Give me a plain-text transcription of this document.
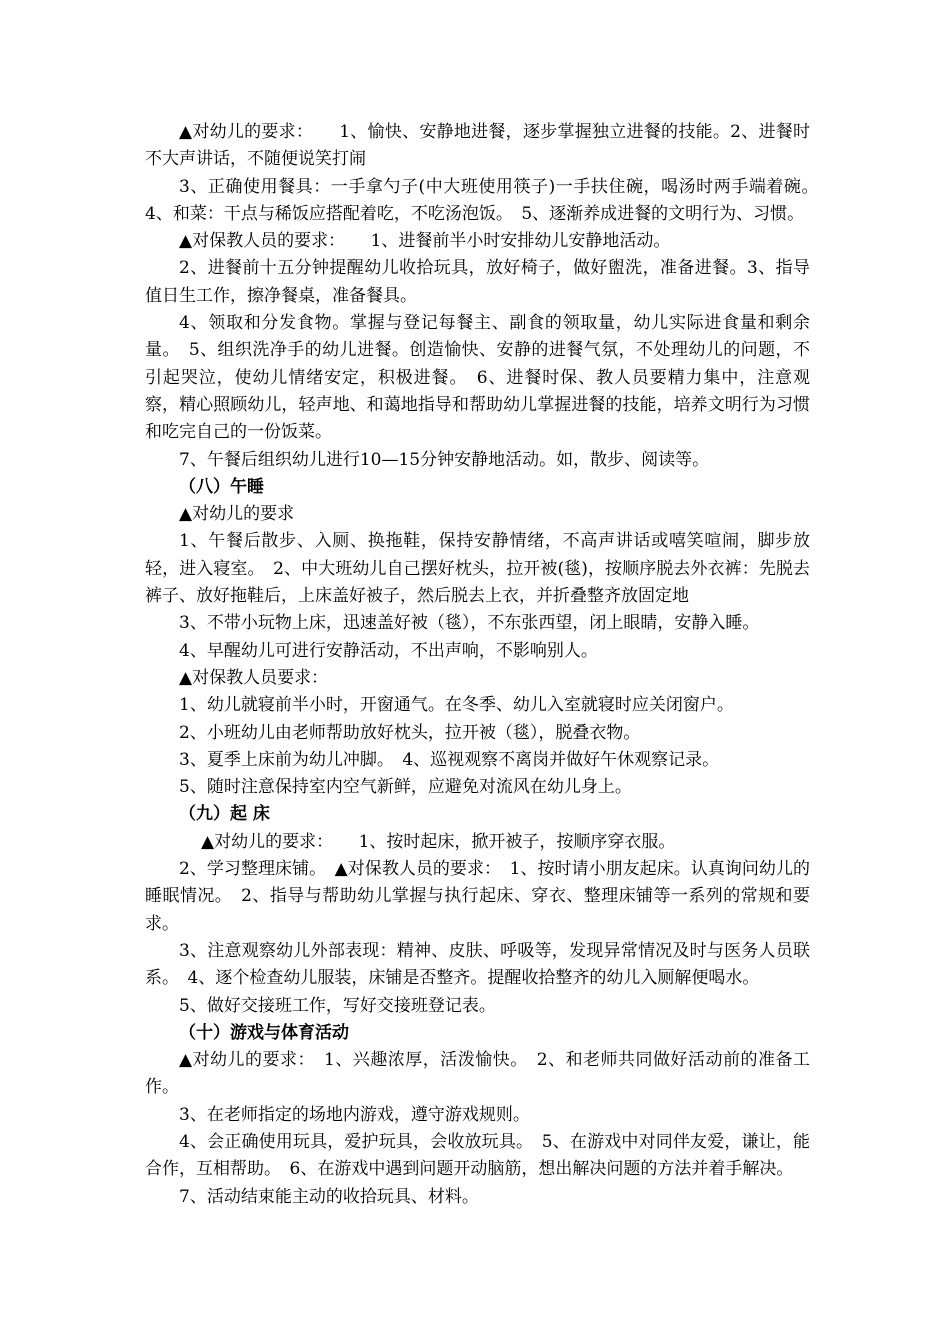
▲对幼儿的要求：　　1、愉快、安静地进餐，逐步掌握独立进餐的技能。2、进餐时不大声讲话，不随便说笑打闹

3、正确使用餐具：一手拿勺子(中大班使用筷子)一手扶住碗，喝汤时两手端着碗。　4、和菜：干点与稀饭应搭配着吃，不吃汤泡饭。　5、逐渐养成进餐的文明行为、习惯。

▲对保教人员的要求：　　1、进餐前半小时安排幼儿安静地活动。

2、进餐前十五分钟提醒幼儿收拾玩具，放好椅子，做好盥洗，准备进餐。3、指导值日生工作，擦净餐桌，准备餐具。

4、领取和分发食物。掌握与登记每餐主、副食的领取量，幼儿实际进食量和剩余量。　5、组织洗净手的幼儿进餐。创造愉快、安静的进餐气氛，不处理幼儿的问题，不引起哭泣，使幼儿情绪安定，积极进餐。　6、进餐时保、教人员要精力集中，注意观察，精心照顾幼儿，轻声地、和蔼地指导和帮助幼儿掌握进餐的技能，培养文明行为习惯和吃完自己的一份饭菜。

7、午餐后组织幼儿进行10—15分钟安静地活动。如，散步、阅读等。

（八）午睡

▲对幼儿的要求

1、午餐后散步、入厕、换拖鞋，保持安静情绪，不高声讲话或嘻笑喧闹，脚步放轻，进入寝室。　2、中大班幼儿自己摆好枕头，拉开被(毯)，按顺序脱去外衣裤：先脱去裤子、放好拖鞋后，上床盖好被子，然后脱去上衣，并折叠整齐放固定地

3、不带小玩物上床，迅速盖好被（毯），不东张西望，闭上眼睛，安静入睡。

4、早醒幼儿可进行安静活动，不出声响，不影响别人。

▲对保教人员要求：

1、幼儿就寝前半小时，开窗通气。在冬季、幼儿入室就寝时应关闭窗户。

2、小班幼儿由老师帮助放好枕头，拉开被（毯），脱叠衣物。

3、夏季上床前为幼儿冲脚。　4、巡视观察不离岗并做好午休观察记录。

5、随时注意保持室内空气新鲜，应避免对流风在幼儿身上。

（九）起 床

▲对幼儿的要求：　　1、按时起床，掀开被子，按顺序穿衣服。

2、学习整理床铺。　▲对保教人员的要求：　1、按时请小朋友起床。认真询问幼儿的睡眠情况。　2、指导与帮助幼儿掌握与执行起床、穿衣、整理床铺等一系列的常规和要求。

3、注意观察幼儿外部表现：精神、皮肤、呼吸等，发现异常情况及时与医务人员联系。　4、逐个检查幼儿服装，床铺是否整齐。提醒收拾整齐的幼儿入厕解便喝水。

5、做好交接班工作，写好交接班登记表。

（十）游戏与体育活动

▲对幼儿的要求：　1、兴趣浓厚，活泼愉快。　2、和老师共同做好活动前的准备工作。

3、在老师指定的场地内游戏，遵守游戏规则。

4、会正确使用玩具，爱护玩具，会收放玩具。　5、在游戏中对同伴友爱，谦让，能合作，互相帮助。　6、在游戏中遇到问题开动脑筋，想出解决问题的方法并着手解决。

7、活动结束能主动的收拾玩具、材料。
